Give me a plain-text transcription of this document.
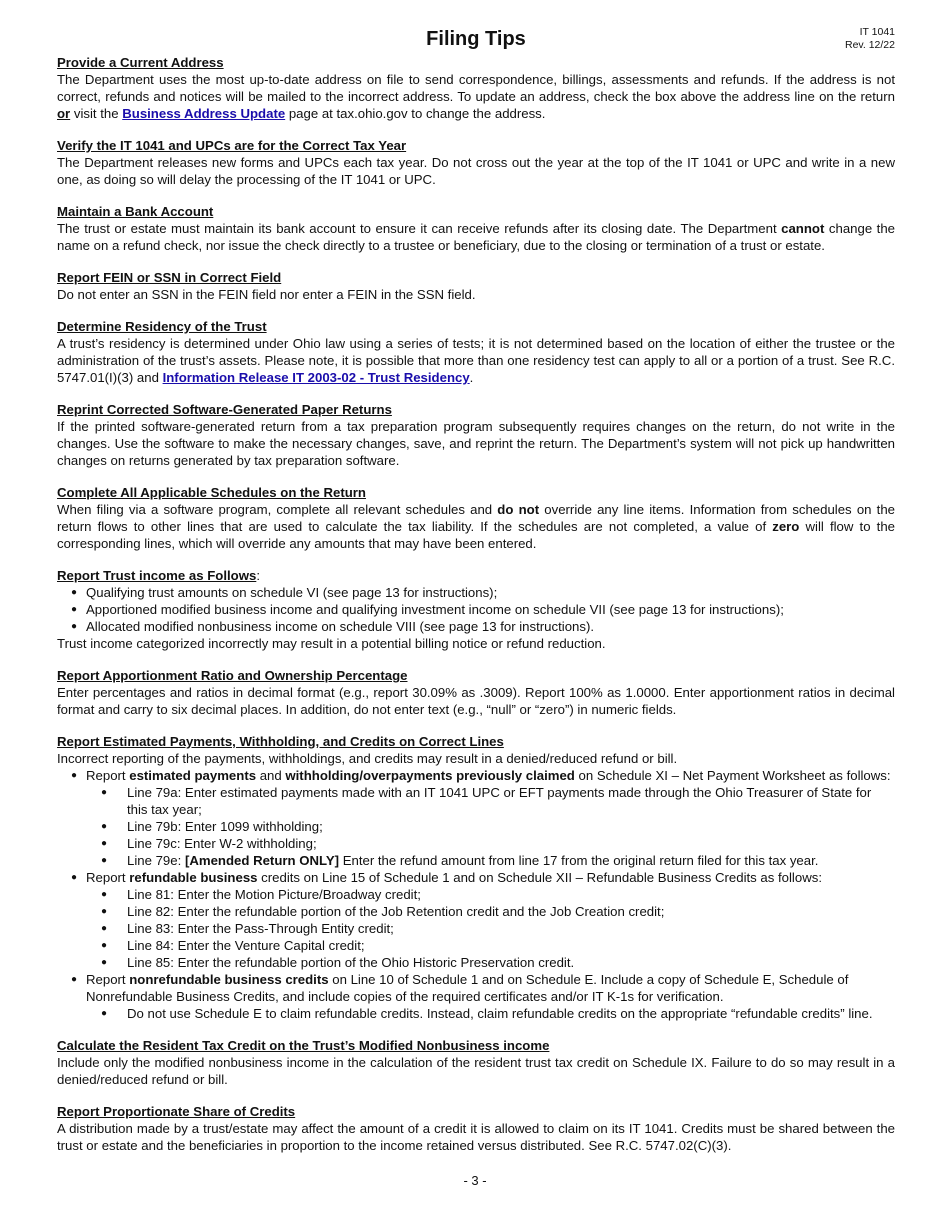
IT 1041
Rev. 12/22
Filing Tips
Provide a Current Address
The Department uses the most up-to-date address on file to send correspondence, billings, assessments and refunds. If the address is not correct, refunds and notices will be mailed to the incorrect address. To update an address, check the box above the address line on the return or visit the Business Address Update page at tax.ohio.gov to change the address.
Verify the IT 1041 and UPCs are for the Correct Tax Year
The Department releases new forms and UPCs each tax year. Do not cross out the year at the top of the IT 1041 or UPC and write in a new one, as doing so will delay the processing of the IT 1041 or UPC.
Maintain a Bank Account
The trust or estate must maintain its bank account to ensure it can receive refunds after its closing date. The Department cannot change the name on a refund check, nor issue the check directly to a trustee or beneficiary, due to the closing or termination of a trust or estate.
Report FEIN or SSN in Correct Field
Do not enter an SSN in the FEIN field nor enter a FEIN in the SSN field.
Determine Residency of the Trust
A trust’s residency is determined under Ohio law using a series of tests; it is not determined based on the location of either the trustee or the administration of the trust’s assets. Please note, it is possible that more than one residency test can apply to all or a portion of a trust. See R.C. 5747.01(I)(3) and Information Release IT 2003-02 - Trust Residency.
Reprint Corrected Software-Generated Paper Returns
If the printed software-generated return from a tax preparation program subsequently requires changes on the return, do not write in the changes. Use the software to make the necessary changes, save, and reprint the return. The Department’s system will not pick up handwritten changes on returns generated by tax preparation software.
Complete All Applicable Schedules on the Return
When filing via a software program, complete all relevant schedules and do not override any line items. Information from schedules on the return flows to other lines that are used to calculate the tax liability. If the schedules are not completed, a value of zero will flow to the corresponding lines, which will override any amounts that may have been entered.
Report Trust income as Follows:
● Qualifying trust amounts on schedule VI (see page 13 for instructions);
● Apportioned modified business income and qualifying investment income on schedule VII (see page 13 for instructions);
● Allocated modified nonbusiness income on schedule VIII (see page 13 for instructions).
Trust income categorized incorrectly may result in a potential billing notice or refund reduction.
Report Apportionment Ratio and Ownership Percentage
Enter percentages and ratios in decimal format (e.g., report 30.09% as .3009). Report 100% as 1.0000. Enter apportionment ratios in decimal format and carry to six decimal places. In addition, do not enter text (e.g., “null” or “zero”) in numeric fields.
Report Estimated Payments, Withholding, and Credits on Correct Lines
Incorrect reporting of the payments, withholdings, and credits may result in a denied/reduced refund or bill.
● Report estimated payments and withholding/overpayments previously claimed on Schedule XI – Net Payment Worksheet as follows:
● Line 79a: Enter estimated payments made with an IT 1041 UPC or EFT payments made through the Ohio Treasurer of State for this tax year;
● Line 79b: Enter 1099 withholding;
● Line 79c: Enter W-2 withholding;
● Line 79e: [Amended Return ONLY] Enter the refund amount from line 17 from the original return filed for this tax year.
● Report refundable business credits on Line 15 of Schedule 1 and on Schedule XII – Refundable Business Credits as follows:
● Line 81: Enter the Motion Picture/Broadway credit;
● Line 82: Enter the refundable portion of the Job Retention credit and the Job Creation credit;
● Line 83: Enter the Pass-Through Entity credit;
● Line 84: Enter the Venture Capital credit;
● Line 85: Enter the refundable portion of the Ohio Historic Preservation credit.
● Report nonrefundable business credits on Line 10 of Schedule 1 and on Schedule E. Include a copy of Schedule E, Schedule of Nonrefundable Business Credits, and include copies of the required certificates and/or IT K-1s for verification.
● Do not use Schedule E to claim refundable credits. Instead, claim refundable credits on the appropriate “refundable credits” line.
Calculate the Resident Tax Credit on the Trust’s Modified Nonbusiness income
Include only the modified nonbusiness income in the calculation of the resident trust tax credit on Schedule IX. Failure to do so may result in a denied/reduced refund or bill.
Report Proportionate Share of Credits
A distribution made by a trust/estate may affect the amount of a credit it is allowed to claim on its IT 1041. Credits must be shared between the trust or estate and the beneficiaries in proportion to the income retained versus distributed. See R.C. 5747.02(C)(3).
- 3 -
